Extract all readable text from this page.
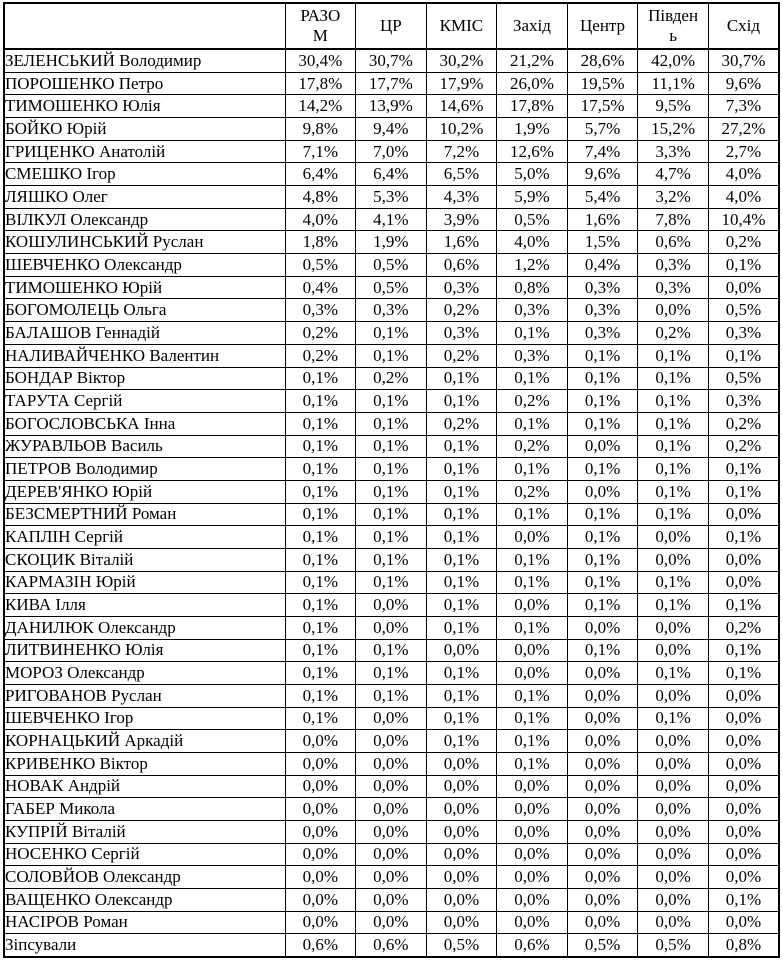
	РАЗОМ	ЦР	КМІС	Захід	Центр	Південь	Схід
ЗЕЛЕНСЬКИЙ Володимир	30,4%	30,7%	30,2%	21,2%	28,6%	42,0%	30,7%
ПОРОШЕНКО Петро	17,8%	17,7%	17,9%	26,0%	19,5%	11,1%	9,6%
ТИМОШЕНКО Юлія	14,2%	13,9%	14,6%	17,8%	17,5%	9,5%	7,3%
БОЙКО Юрій	9,8%	9,4%	10,2%	1,9%	5,7%	15,2%	27,2%
ГРИЦЕНКО Анатолій	7,1%	7,0%	7,2%	12,6%	7,4%	3,3%	2,7%
СМЕШКО Ігор	6,4%	6,4%	6,5%	5,0%	9,6%	4,7%	4,0%
ЛЯШКО Олег	4,8%	5,3%	4,3%	5,9%	5,4%	3,2%	4,0%
ВІЛКУЛ Олександр	4,0%	4,1%	3,9%	0,5%	1,6%	7,8%	10,4%
КОШУЛИНСЬКИЙ Руслан	1,8%	1,9%	1,6%	4,0%	1,5%	0,6%	0,2%
ШЕВЧЕНКО Олександр	0,5%	0,5%	0,6%	1,2%	0,4%	0,3%	0,1%
ТИМОШЕНКО Юрій	0,4%	0,5%	0,3%	0,8%	0,3%	0,3%	0,0%
БОГОМОЛЕЦЬ Ольга	0,3%	0,3%	0,2%	0,3%	0,3%	0,0%	0,5%
БАЛАШОВ Геннадій	0,2%	0,1%	0,3%	0,1%	0,3%	0,2%	0,3%
НАЛИВАЙЧЕНКО Валентин	0,2%	0,1%	0,2%	0,3%	0,1%	0,1%	0,1%
БОНДАР Віктор	0,1%	0,2%	0,1%	0,1%	0,1%	0,1%	0,5%
ТАРУТА Сергій	0,1%	0,1%	0,1%	0,2%	0,1%	0,1%	0,3%
БОГОСЛОВСЬКА Інна	0,1%	0,1%	0,2%	0,1%	0,1%	0,1%	0,2%
ЖУРАВЛЬОВ Василь	0,1%	0,1%	0,1%	0,2%	0,0%	0,1%	0,2%
ПЕТРОВ Володимир	0,1%	0,1%	0,1%	0,1%	0,1%	0,1%	0,1%
ДЕРЕВ'ЯНКО Юрій	0,1%	0,1%	0,1%	0,2%	0,0%	0,1%	0,1%
БЕЗСМЕРТНИЙ Роман	0,1%	0,1%	0,1%	0,1%	0,1%	0,1%	0,0%
КАПЛІН Сергій	0,1%	0,1%	0,1%	0,0%	0,1%	0,0%	0,1%
СКОЦИК Віталій	0,1%	0,1%	0,1%	0,1%	0,1%	0,0%	0,0%
КАРМАЗІН Юрій	0,1%	0,1%	0,1%	0,1%	0,1%	0,1%	0,0%
КИВА Ілля	0,1%	0,0%	0,1%	0,0%	0,1%	0,1%	0,1%
ДАНИЛЮК Олександр	0,1%	0,0%	0,1%	0,1%	0,0%	0,0%	0,2%
ЛИТВИНЕНКО Юлія	0,1%	0,1%	0,0%	0,0%	0,1%	0,0%	0,1%
МОРОЗ Олександр	0,1%	0,1%	0,1%	0,0%	0,0%	0,1%	0,1%
РИГОВАНОВ Руслан	0,1%	0,1%	0,1%	0,1%	0,0%	0,0%	0,0%
ШЕВЧЕНКО Ігор	0,1%	0,0%	0,1%	0,1%	0,0%	0,1%	0,0%
КОРНАЦЬКИЙ Аркадій	0,0%	0,0%	0,1%	0,1%	0,0%	0,0%	0,0%
КРИВЕНКО Віктор	0,0%	0,0%	0,0%	0,1%	0,0%	0,0%	0,0%
НОВАК Андрій	0,0%	0,0%	0,0%	0,0%	0,0%	0,0%	0,0%
ГАБЕР Микола	0,0%	0,0%	0,0%	0,0%	0,0%	0,0%	0,0%
КУПРІЙ Віталій	0,0%	0,0%	0,0%	0,0%	0,0%	0,0%	0,0%
НОСЕНКО Сергій	0,0%	0,0%	0,0%	0,0%	0,0%	0,0%	0,0%
СОЛОВЙОВ Олександр	0,0%	0,0%	0,0%	0,0%	0,0%	0,0%	0,0%
ВАЩЕНКО Олександр	0,0%	0,0%	0,0%	0,0%	0,0%	0,0%	0,1%
НАСІРОВ Роман	0,0%	0,0%	0,0%	0,0%	0,0%	0,0%	0,0%
Зіпсували	0,6%	0,6%	0,5%	0,6%	0,5%	0,5%	0,8%
